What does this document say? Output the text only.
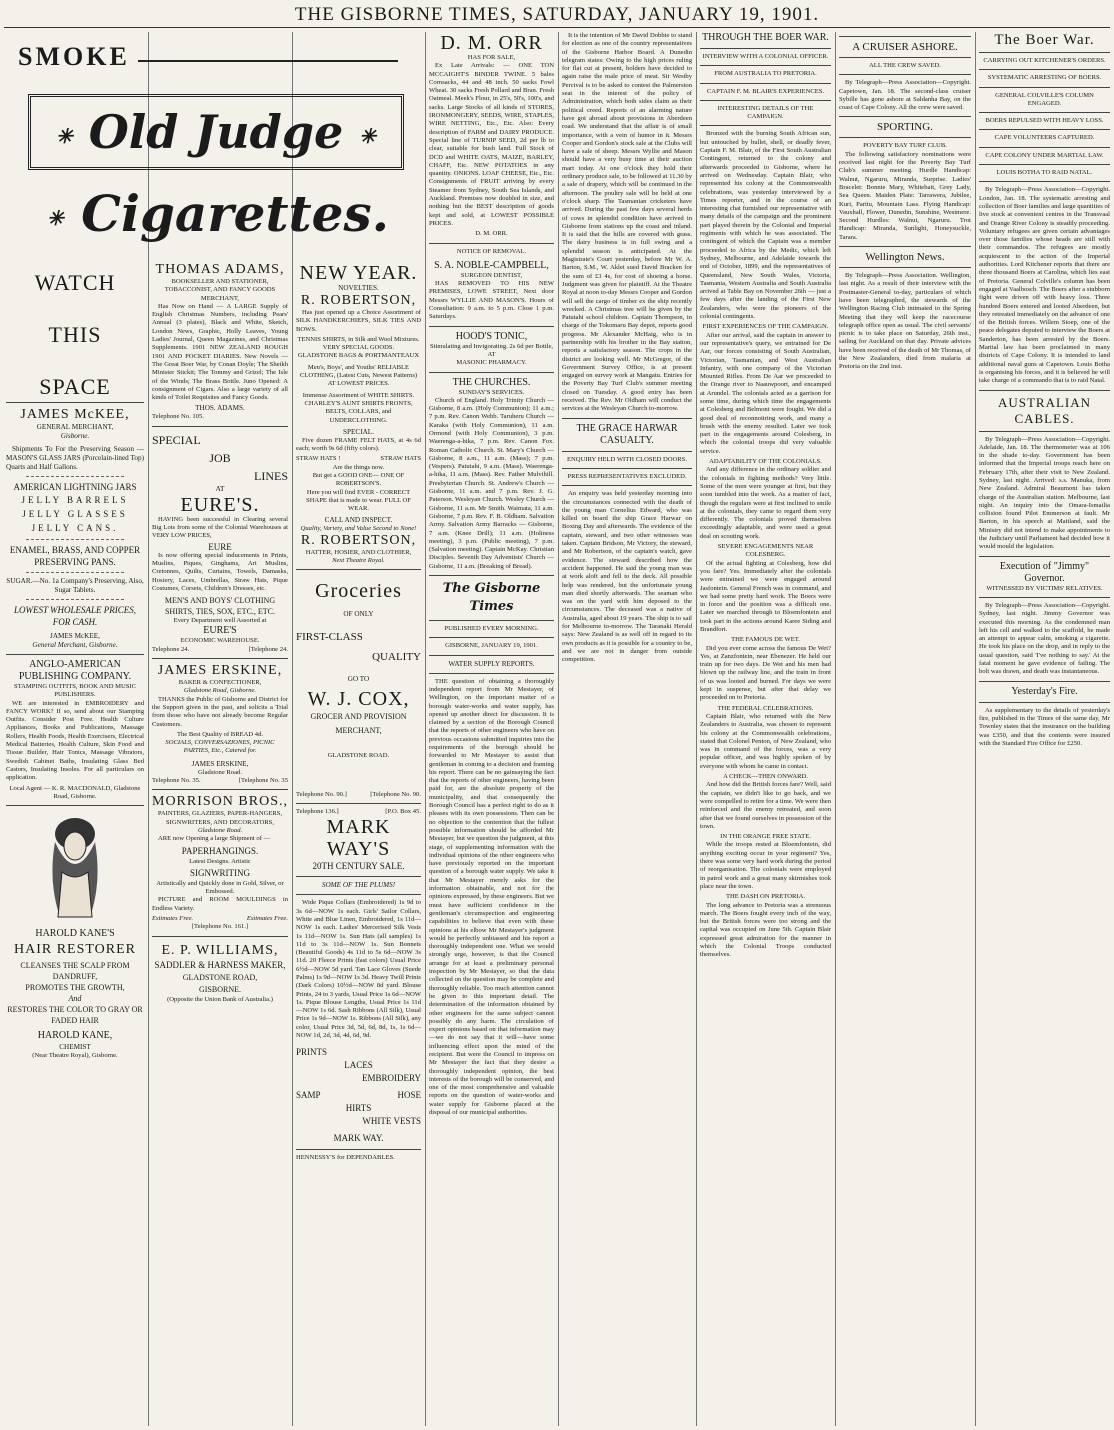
THE GISBORNE TIMES, SATURDAY, JANUARY 19, 1901.
SMOKE
✳ Old Judge ✳
✳ Cigarettes.
WATCH
THIS
SPACE
JAMES McKEE,
GENERAL MERCHANT,
Gisborne.

Shipments To For the Preserving Season — MASON'S GLASS JARS (Porcelain-lined Top) Quarts and Half Gallons.

AMERICAN LIGHTNING JARS
JELLY BARRELS
JELLY GLASSES
JELLY CANS.
ENAMEL, BRASS, AND COPPER PRESERVING PANS.
SUGAR.—No. 1a Company's Preserving, Also, Sugar Tablets.
LOWEST WHOLESALE PRICES, FOR CASH.
JAMES McKEE,
General Merchant, Gisborne.
ANGLO-AMERICAN PUBLISHING COMPANY.
STAMPING OUTFITS, BOOK AND MUSIC PUBLISHERS.

WE are interested in EMBROIDERY and FANCY WORK? If so, send about our Stamping Outfits. Consider Post Free. Health Culture Appliances, Books and Publications, Massage Rollers, Health Foods, Health Exercisers, Electrical Medical Batteries, Health Culture, Skin Food and Tissue Builder, Hair Tonics, Massage Vibrators, Swedish Cabinet Baths, Insulating Glass Bed Castors, Insulating Insoles. For all particulars on application.

Local Agent — K. R. MACDONALD, Gladstone Road, Gisborne.
HAROLD KANE'S
HAIR RESTORER
CLEANSES THE SCALP FROM DANDRUFF,
PROMOTES THE GROWTH,
And
RESTORES THE COLOR TO GRAY OR FADED HAIR
HAROLD KANE,
CHEMIST
(Near Theatre Royal), Gisborne.
THOMAS ADAMS,
BOOKSELLER AND STATIONER, TOBACCONIST, AND FANCY GOODS MERCHANT,

Has Now on Hand — A LARGE Supply of English Christmas Numbers, including Pears' Annual (3 plates), Black and White, Sketch, London News, Graphic, Holly Leaves, Young Ladies' Journal, Queen Magazines, and Christmas Supplements. 1901 NEW ZEALAND ROUGH 1901 AND POCKET DIARIES. New Novels — The Great Boer War, by Conan Doyle; The Sheikh Minister Stickit; The Tommy and Grizel; The Isle of the Winds; The Brass Bottle. Juno Opened: A consignment of Cigars. Also a large variety of all kinds of Toilet Requisites and Fancy Goods.

THOS. ADAMS.
Telephone No. 105.
SPECIAL
JOB
LINES
AT
EURE'S.

HAVING been successful in Clearing several Big Lots from some of the Colonial Warehouses at VERY LOW PRICES,

EURE

Is now offering special inducements in Prints, Muslins, Piques, Ginghams, Art Muslins, Cretonnes, Quilts, Curtains, Towels, Damasks, Hosiery, Laces, Umbrellas, Straw Hats, Pique Costumes, Corsets, Children's Dresses, etc.

MEN'S AND BOYS' CLOTHING SHIRTS, TIES, SOX, ETC., ETC.
Every Department well Assorted at
EURE'S
ECONOMIC WAREHOUSE.
Telephone 24.	[Telephone 24.
JAMES ERSKINE,
BAKER & CONFECTIONER,
Gladstone Road, Gisborne.

THANKS the Public of Gisborne and District for the Support given in the past, and solicits a Trial from those who have not already become Regular Customers.

The Best Quality of BREAD 4d.
SOCIALS, CONVERSAZIONES, PICNIC PARTIES, Etc., Catered for.
JAMES ERSKINE,
Gladstone Road.
Telephone No. 35.	[Telephone No. 35
MORRISON BROS.,
PAINTERS, GLAZIERS, PAPER-HANGERS, SIGNWRITERS, AND DECORATORS,
Gladstone Road.

ARE now Opening a large Shipment of —

PAPERHANGINGS.
Latest Designs. Artistic
SIGNWRITING
Artistically and Quickly done in Gold, Silver, or Embossed.

PICTURE and ROOM MOULDINGS in Endless Variety.

Estimates Free.	Estimates Free.
[Telephone No. 161.]
E. P. WILLIAMS,
SADDLER & HARNESS MAKER,
GLADSTONE ROAD,
GISBORNE.
(Opposite the Union Bank of Australia.)
NEW YEAR.
NOVELTIES.
R. ROBERTSON,

Has just opened up a Choice Assortment of SILK HANDKERCHIEFS, SILK TIES AND BOWS.

TENNIS SHIRTS, in Silk and Wool Mixtures.
VERY SPECIAL GOODS.
GLADSTONE BAGS & PORTMANTEAUX
Men's, Boys', and Youths' RELIABLE CLOTHING, (Latest Cuts, Newest Patterns) AT LOWEST PRICES.
Immense Assortment of WHITE SHIRTS. CHARLEY'S AUNT SHIRTS FRONTS, BELTS, COLLARS, and UNDERCLOTHING.
SPECIAL.

Five dozen FRAME FELT HATS, at 4s 6d each; worth 9s 6d (fifty colors).

STRAW HATS !	STRAW HATS
Are the things now.
But get a GOOD ONE— ONE OF ROBERTSON'S.
Here you will find EVER - CORRECT SHAPE that is made to wear. FULL OF WEAR.
CALL AND INSPECT.
Quality, Variety, and Value Second to None!
R. ROBERTSON,
HATTER, HOSIER, AND CLOTHIER,
Next Theatre Royal.
Groceries
OF ONLY
FIRST-CLASS
QUALITY
GO TO
W. J. COX,
GROCER AND PROVISION
MERCHANT,
GLADSTONE ROAD.
Telephone No. 90.]	[Telephone No. 90.
Telephone 136.]	[P.O. Box 45.
MARK WAY'S
20TH CENTURY SALE.
SOME OF THE PLUMS!

Wide Pique Collars (Embroidered) 1s 9d to 3s 6d—NOW 1s each. Girls' Sailor Collars, White and Blue Linen, Embroidered, 1s 11d—NOW 1s each. Ladies' Mercerised Silk Vests 1s 11d—NOW 1s. Sun Hats (all samples) 1s 11d to 3s 11d—NOW 1s. Sun Bonnets (Beautiful Goods) 4s 11d to 5s 6d—NOW 3s 11d. 20 Fleece Prints (fast colors) Usual Price 6½d—NOW 5d yard. Tan Lace Gloves (Suede Palms) 1s 9d—NOW 1s 3d. Heavy Twill Prints (Dark Colors) 10½d—NOW 8d yard. Blouse Prints, 24 to 3 yards, Usual Price 1s 6d—NOW 1s. Pique Blouse Lengths, Usual Price 1s 11d—NOW 1s 6d. Sash Ribbons (All Silk), Usual Price 1s 9d—NOW 1s. Ribbons (All Silk), any color, Usual Price 3d, 5d, 6d, 8d, 1s, 1s 6d—NOW 1d, 2d, 3d, 4d, 6d, 9d.

PRINTS
LACES
EMBROIDERY
SAMP	HOSE
HIRTS
WHITE VESTS
MARK WAY.
HENNESSY'S for DEPENDABLES.
D. M. ORR
HAS FOR SALE,

Ex Late Arrivals: — ONE TON MCCAIGHT'S BINDER TWINE. 5 bales Cornsacks, 44 and 48 inch. 50 sacks Fowl Wheat. 30 sacks Fresh Pollard and Bran. Fresh Oatmeal. Meek's Flour, in 25's, 50's, 100's, and sacks. Large Stocks of all kinds of STORES, IRONMONGERY, SEEDS, WIRE, STAPLES, WIRE NETTING, Etc., Etc. Also: Every description of FARM and DAIRY PRODUCE. Special line of TURNIP SEED, 2d per lb to clear, suitable for bush land. Full Stock of DCD and WHITE OATS, MAIZE, BARLEY, CHAFF, Etc. NEW POTATOES in any quantity. ONIONS. LOAF CHEESE, Etc., Etc. Consignments of FRUIT arriving by every Steamer from Sydney, South Sea Islands, and Auckland. Premises now doubled in size, and nothing but the BEST description of goods kept and sold, at LOWEST POSSIBLE PRICES.

D. M. ORR.
NOTICE OF REMOVAL.
S. A. NOBLE-CAMPBELL,
SURGEON DENTIST,

HAS REMOVED TO HIS NEW PREMISES, LOWE STREET, Next door Messrs WYLLIE AND MASON'S. Hours of Consultation: 9 a.m. to 5 p.m. Close 1 p.m. Saturdays.

HOOD'S TONIC,
Stimulating and Invigorating. 2s 6d per Bottle,
AT
MASONIC PHARMACY.
THE CHURCHES.
SUNDAY'S SERVICES.

Church of England. Holy Trinity Church — Gisborne, 8 a.m. (Holy Communion); 11 a.m.; 7 p.m. Rev. Canon Webb. Taruheru Church — Karaka (with Holy Communion), 11 a.m. Ormond (with Holy Communion), 3 p.m. Waerenga-a-hika, 7 p.m. Rev. Canon Fox. Roman Catholic Church. St. Mary's Church — Gisborne, 8 a.m., 11 a.m. (Mass); 7 p.m. (Vespers). Patutahi, 9 a.m. (Mass). Waerenga-a-hika, 11 a.m. (Mass). Rev. Father Mulvihill. Presbyterian Church. St. Andrew's Church — Gisborne, 11 a.m. and 7 p.m. Rev. J. G. Paterson. Wesleyan Church. Wesley Church — Gisborne, 11 a.m. Mr Smith. Waimata, 11 a.m. Gisborne, 7 p.m. Rev. F. B. Oldham. Salvation Army. Salvation Army Barracks — Gisborne, 7 a.m. (Knee Drill); 11 a.m. (Holiness meeting), 3 p.m. (Public meeting), 7 p.m. (Salvation meeting). Captain McKay. Christian Disciples. Seventh Day Adventists' Church — Gisborne, 11 a.m. (Breaking of Bread).

The Gisborne Times
PUBLISHED EVERY MORNING.
GISBORNE, JANUARY 19, 1901.
WATER SUPPLY REPORTS.

THE question of obtaining a thoroughly independent report from Mr Mestayer, of Wellington, on the important matter of a borough water-works and water supply, has opened up another direct for discussion. It is claimed by a section of the Borough Council that the reports of other engineers who have on previous occasions submitted inquiries into the requirements of the borough should be forwarded to Mr Mestayer to assist that gentleman in coming to a decision and framing his report. There can be no gainsaying the fact that the reports of other engineers, having been paid for, are the absolute property of the municipality, and that consequently the Borough Council has a perfect right to do as it pleases with its own possessions. Then can be no objection to the contention that the fullest possible information should be afforded Mr Mestayer, but we question the judgment, at this stage, of supplementing information with the individual opinions of the other engineers who have previously reported on the important question of a borough water supply. We take it that Mr Mestayer merely asks for the information obtainable, and not for the opinions expressed, by these engineers. But we must have sufficient confidence in the gentleman's circumspection and engineering capabilities to believe that even with these opinions at his elbow Mr Mestayer's judgment would be perfectly unbiassed and his report a thoroughly independent one. What we would strongly urge, however, is that the Council arrange for at least a preliminary personal inspection by Mr Mestayer, so that the data collected on the question may be complete and thoroughly reliable. Too much attention cannot be given to this important detail. The determination of the information obtained by other engineers for the same subject cannot possibly do any harm. The circulation of expert opinions based on that information may—we do not say that it will—have some influencing effect upon the mind of the recipient. But were the Council to impress on Mr Mestayer the fact that they desire a thoroughly independent opinion, the best interests of the borough will be conserved, and one of the most comprehensive and valuable reports on the question of water-works and water supply for Gisborne placed at the disposal of our municipal authorities.

It is the intention of Mr David Dobbie to stand for election as one of the country representatives of the Gisborne Harbor Board. A Dunedin telegram states: Owing to the high prices ruling for flat cut at present, holders have decided to again raise the male price of meat. Sir Westby Percival is to be asked to contest the Palmerston seat in the interest of the policy of Administration, which both sides claim as their political creed. Reports of an alarming nature have got abroad about provisions in Aberdeen road. We understand that the affair is of small importance, with a vein of humor in it. Messrs Cooper and Gordon's stock sale at the Clubs will have a sale of sheep. Messrs Wyllie and Mason should have a very busy time at their auction mart today. At one o'clock they hold their ordinary produce sale, to be followed at 11.30 by a sale of drapery, which will be continued in the afternoon. The poultry sale will be held at one o'clock sharp. The Tasmanian cricketers have arrived. During the past few days several herds of cows in splendid condition have arrived in Gisborne from stations up the coast and inland. It is said that the hills are covered with grass. The dairy business is in full swing and a splendid season is anticipated. At the Magistrate's Court yesterday, before Mr W. A. Barton, S.M., W. Aklet sued David Bracken for the sum of £3 4s, for cost of shoeing a horse. Judgment was given for plaintiff. At the Theatre Royal at noon to-day Messrs Cooper and Gordon will sell the cargo of timber ex the ship recently wrecked. A Christmas tree will be given by the Patutahi school children. Captain Thompson, in charge of the Tokomaru Bay depot, reports good progress. Mr Alexander McHaig, who is in partnership with his brother in the Bay station, reports a satisfactory season. The crops in the district are looking well. Mr McGregor, of the Government Survey Office, is at present engaged on survey work at Mangatu. Entries for the Poverty Bay Turf Club's summer meeting closed on Tuesday. A good entry has been received. The Rev. Mr Oldham will conduct the services at the Wesleyan Church to-morrow.

THE GRACE HARWAR CASUALTY.
ENQUIRY HELD WITH CLOSED DOORS.
PRESS REPRESENTATIVES EXCLUDED.

An enquiry was held yesterday morning into the circumstances connected with the death of the young man Cornelius Edward, who was killed on board the ship Grace Harwar on Boxing Day and afterwards. The evidence of the captain, steward, and two other witnesses was taken. Captain Bridson, Mr Victory, the steward, and Mr Robertson, of the captain's watch, gave evidence. The steward described how the accident happened. He said the young man was at work aloft and fell to the deck. All possible help was rendered, but the unfortunate young man died shortly afterwards. The seaman who was on the yard with him deposed to the circumstances. The deceased was a native of Australia, aged about 19 years. The ship is to sail for Melbourne to-morrow. The Taranaki Herald says: New Zealand is as well off in regard to its own products as it is possible for a country to be, and we are not in danger from outside competition.

THROUGH THE BOER WAR.
INTERVIEW WITH A COLONIAL OFFICER.
FROM AUSTRALIA TO PRETORIA.
CAPTAIN F. M. BLAIR'S EXPERIENCES.
INTERESTING DETAILS OF THE CAMPAIGN.

Bronzed with the burning South African sun, but untouched by bullet, shell, or deadly fever, Captain F. M. Blair, of the First South Australian Contingent, returned to the colony and afterwards proceeded to Gisborne, where he arrived on Wednesday. Captain Blair, who represented his colony at the Commonwealth celebrations, was yesterday interviewed by a Times reporter, and in the course of an interesting chat furnished our representative with many details of the campaign and the prominent part played therein by the Colonial and Imperial regiments with which he was associated. The contingent of which the Captain was a member proceeded to Africa by the Medic, which left Sydney, Melbourne, and Adelaide towards the end of October, 1899, and the representatives of Queensland, New South Wales, Victoria, Tasmania, Western Australia and South Australia arrived at Table Bay on November 26th — just a few days after the landing of the First New Zealanders, who were the pioneers of the colonial contingents.

FIRST EXPERIENCES OF THE CAMPAIGN.

After our arrival, said the captain in answer to our representative's query, we entrained for De Aar, our forces consisting of South Australian, Victorian, Tasmanian, and West Australian Infantry, with one company of the Victorian Mounted Rifles. From De Aar we proceeded to the Orange river to Naauwpoort, and encamped at Arundel. The colonials acted as a garrison for some time, during which time the engagements at Colesberg and Belmont were fought. We did a good deal of reconnoitring work, and many a brush with the enemy resulted. Later we took part in the engagements around Colesberg, in which the colonial troops did very valuable service.

ADAPTABILITY OF THE COLONIALS.

And any difference in the ordinary soldier and the colonials in fighting methods? Very little. Some of the men were younger at first, but they soon tumbled into the work. As a matter of fact, though the regulars were at first inclined to smile at the colonials, they came to regard them very differently. The colonials proved themselves exceedingly adaptable, and were used a great deal on scouting work.

SEVERE ENGAGEMENTS NEAR COLESBERG.

Of the actual fighting at Colesberg, how did you fare? Yes. Immediately after the colonials were entrained we were engaged around Jasfontein. General French was in command, and we had some pretty hard work. The Boers were in force and the position was a difficult one. Later we marched through to Bloemfontein and took part in the actions around Karee Siding and Brandfort.

THE FAMOUS DE WET.

Did you ever come across the famous De Wet? Yes, at Zanzfontein, near Ebenezer. He held our train up for two days. De Wet and his men had blown up the railway line, and the train in front of us was looted and burned. For days we were kept in suspense, but after that delay we proceeded on to Pretoria.

THE FEDERAL CELEBRATIONS.

Captain Blair, who returned with the New Zealanders to Australia, was chosen to represent his colony at the Commonwealth celebrations, stated that Colonel Penton, of New Zealand, who was in command of the forces, was a very popular officer, and was highly spoken of by everyone with whom he came in contact.

A CHECK—THEN ONWARD.

And how did the British forces fare? Well, said the captain, we didn't like to go back, and we were compelled to retire for a time. We were then reinforced and the enemy retreated, and soon after that we found ourselves in possession of the town.

IN THE ORANGE FREE STATE.

While the troops rested at Bloemfontein, did anything exciting occur in your regiment? Yes, there was some very hard work during the period of reorganisation. The colonials were employed in patrol work and a great many skirmishes took place near the town.

THE DASH ON PRETORIA.

The long advance to Pretoria was a strenuous march. The Boers fought every inch of the way, but the British forces were too strong and the capital was occupied on June 5th. Captain Blair expressed great admiration for the manner in which the Colonial Troops conducted themselves.

A CRUISER ASHORE.
ALL THE CREW SAVED.

By Telegraph—Press Association—Copyright. Capetown, Jan. 18. The second-class cruiser Sybille has gone ashore at Saldanha Bay, on the coast of Cape Colony. All the crew were saved.

SPORTING.
POVERTY BAY TURF CLUB.

The following satisfactory nominations were received last night for the Poverty Bay Turf Club's summer meeting. Hurdle Handicap: Walnut, Ngaruru, Miranda, Surprise. Ladies' Bracelet: Bonnie Mary, Whitebait, Grey Lady, Sea Queen. Maiden Plate: Tarrawera, Jubilee, Kuri, Paritu, Mountain Lass. Flying Handicap: Vauxhall, Flower, Dunedin, Sunshine, Westmere. Second Hurdles: Walnut, Ngaruru. Trot Handicap: Miranda, Sunlight, Honeysuckle, Tarara.

Wellington News.

By Telegraph—Press Association. Wellington, last night. As a result of their interview with the Postmaster-General to-day, particulars of which have been telegraphed, the stewards of the Wellington Racing Club intimated to the Spring Meeting that they will keep the racecourse telegraph office open as usual. The civil servants' picnic is to take place on Saturday, 26th inst., sailing for Auckland on that day. Private advices have been received of the death of Mr Thomas, of the New Zealanders, died from malaria at Pretoria on the 2nd inst.

The Boer War.
CARRYING OUT KITCHENER'S ORDERS.
SYSTEMATIC ARRESTING OF BOERS.
GENERAL COLVILLE'S COLUMN ENGAGED.
BOERS REPULSED WITH HEAVY LOSS.
CAPE VOLUNTEERS CAPTURED.
CAPE COLONY UNDER MARTIAL LAW.
LOUIS BOTHA TO RAID NATAL.

By Telegraph—Press Association—Copyright. London, Jan. 18. The systematic arresting and collection of Boer families and large quantities of live stock at convenient centres in the Transvaal and Orange River Colony is steadily proceeding. Voluntary refugees are given certain advantages over those families whose heads are still with their commandos. The refugees are mostly acquiescent to the action of the Imperial authorities. Lord Kitchener reports that there are three thousand Boers at Carolina, which lies east of Pretoria. General Colville's column has been engaged at Vaalbosch. The Boers after a stubborn fight were driven off with heavy loss. Three hundred Boers entered and looted Aberdeen, but they retreated immediately on the advance of one of the British forces. Willem Stoep, one of the peace delegates deputed to interview the Boers at Sanderton, has been arrested by the Boers. Martial law has been proclaimed in many districts of Cape Colony. It is intended to land additional naval guns at Capetown. Louis Botha is organising his forces, and it is believed he will take charge of a commando that is to raid Natal.

AUSTRALIAN CABLES.

By Telegraph—Press Association—Copyright. Adelaide, Jan. 18. The thermometer was at 106 in the shade to-day. Government has been informed that the Imperial troops reach here on February 17th, after their visit to New Zealand. Sydney, last night. Arrived: s.s. Manuka, from New Zealand. Admiral Beaumont has taken charge of the Australian station. Melbourne, last night. An inquiry into the Omara-Ismailia collision found Pilot Emmerson at fault. Mr Barton, in his speech at Maitland, said the Ministry did not intend to make appointments to the Judiciary until Parliament had decided how it would mould the legislation.

Execution of "Jimmy" Governor.
WITNESSED BY VICTIMS' RELATIVES.

By Telegraph—Press Association—Copyright. Sydney, last night. Jimmy Governor was executed this morning. As the condemned man left his cell and walked to the scaffold, he made an attempt to appear calm, smoking a cigarette. He took his place on the drop, and in reply to the usual question, said 'I've nothing to say.' At the fatal moment he gave evidence of failing. The bolt was drawn, and death was instantaneous.

Yesterday's Fire.

As supplementary to the details of yesterday's fire, published in the Times of the same day, Mr Townley states that the insurance on the building was £350, and that the contents were insured with the Standard Fire Office for £250.
